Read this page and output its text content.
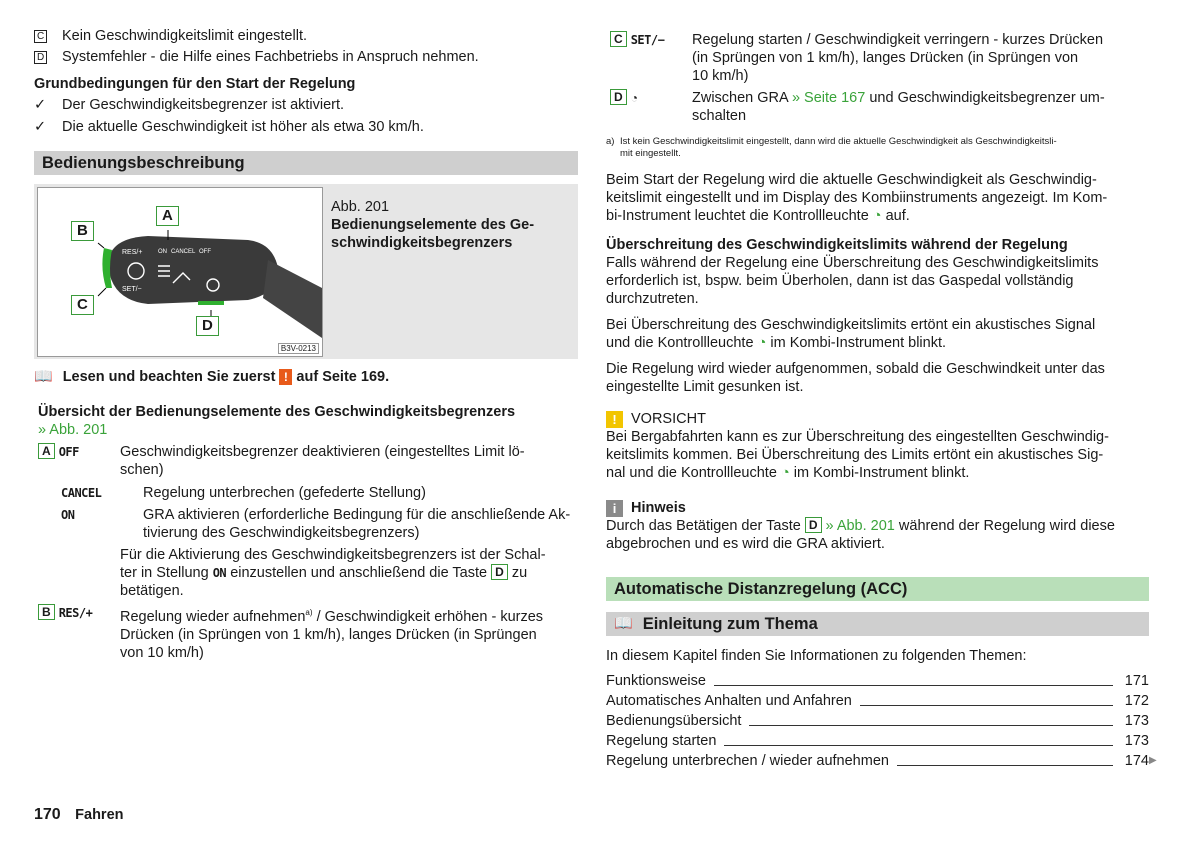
C	Kein Geschwindigkeitslimit eingestellt.
D	Systemfehler - die Hilfe eines Fachbetriebs in Anspruch nehmen.
Grundbedingungen für den Start der Regelung
✓	Der Geschwindigkeitsbegrenzer ist aktiviert.
✓	Die aktuelle Geschwindigkeit ist höher als etwa 30 km/h.
Bedienungsbeschreibung
RES/+
SET/−
ON CANCEL OFF
A
B
C
D
B3V-0213
Abb. 201
Bedienungselemente des Ge-schwindigkeitsbegrenzers
📖 Lesen und beachten Sie zuerst ! auf Seite 169.
Übersicht der Bedienungselemente des Geschwindigkeitsbegrenzers
» Abb. 201
A OFF	Geschwindigkeitsbegrenzer deaktivieren (eingestelltes Limit lö-
schen)
CANCEL	Regelung unterbrechen (gefederte Stellung)
ON	GRA aktivieren (erforderliche Bedingung für die anschließende Ak-
tivierung des Geschwindigkeitsbegrenzers)
Für die Aktivierung des Geschwindigkeitsbegrenzers ist der Schal-
ter in Stellung ON einzustellen und anschließend die Taste D zu
betätigen.
B RES/+	Regelung wieder aufnehmen$^{a)}$ / Geschwindigkeit erhöhen - kurzes
Drücken (in Sprüngen von 1 km/h), langes Drücken (in Sprüngen
von 10 km/h)
170 Fahren
C SET/−	Regelung starten / Geschwindigkeit verringern - kurzes Drücken
(in Sprüngen von 1 km/h), langes Drücken (in Sprüngen von
10 km/h)
D ◔	Zwischen GRA » Seite 167 und Geschwindigkeitsbegrenzer um-
schalten
a) Ist kein Geschwindigkeitslimit eingestellt, dann wird die aktuelle Geschwindigkeit als Geschwindigkeitsli-
mit eingestellt.
Beim Start der Regelung wird die aktuelle Geschwindigkeit als Geschwindig-
keitslimit eingestellt und im Display des Kombiinstruments angezeigt. Im Kom-
bi-Instrument leuchtet die Kontrollleuchte ◔ auf.
Überschreitung des Geschwindigkeitslimits während der Regelung
Falls während der Regelung eine Überschreitung des Geschwindigkeitslimits
erforderlich ist, bspw. beim Überholen, dann ist das Gaspedal vollständig
durchzutreten.
Bei Überschreitung des Geschwindigkeitslimits ertönt ein akustisches Signal
und die Kontrollleuchte ◔ im Kombi-Instrument blinkt.
Die Regelung wird wieder aufgenommen, sobald die Geschwindkeit unter das
eingestellte Limit gesunken ist.
! VORSICHT
Bei Bergabfahrten kann es zur Überschreitung des eingestellten Geschwindig-
keitslimits kommen. Bei Überschreitung des Limits ertönt ein akustisches Sig-
nal und die Kontrollleuchte ◔ im Kombi-Instrument blinkt.
i	Hinweis
Durch das Betätigen der Taste D » Abb. 201 während der Regelung wird diese
abgebrochen und es wird die GRA aktiviert.
Automatische Distanzregelung (ACC)
📖 Einleitung zum Thema
In diesem Kapitel finden Sie Informationen zu folgenden Themen:
Funktionsweise	171
Automatisches Anhalten und Anfahren	172
Bedienungsübersicht	173
Regelung starten	173
Regelung unterbrechen / wieder aufnehmen	174 ▶
